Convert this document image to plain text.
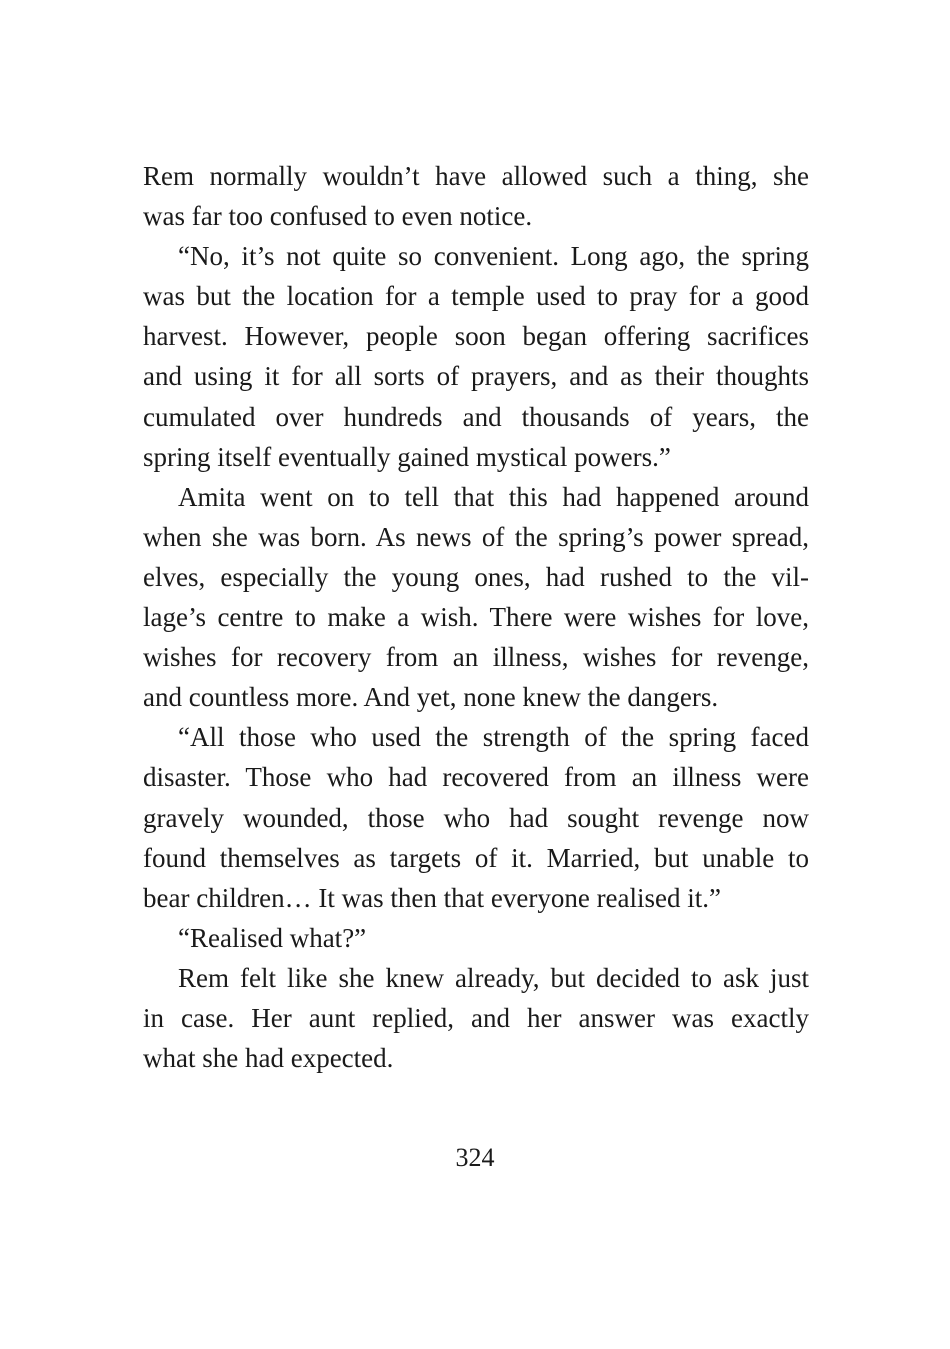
Rem normally wouldn’t have allowed such a thing, she
was far too confused to even notice.
“No, it’s not quite so convenient. Long ago, the spring
was but the location for a temple used to pray for a good
harvest. However, people soon began offering sacrifices
and using it for all sorts of prayers, and as their thoughts
cumulated over hundreds and thousands of years, the
spring itself eventually gained mystical powers.”
Amita went on to tell that this had happened around
when she was born. As news of the spring’s power spread,
elves, especially the young ones, had rushed to the vil-
lage’s centre to make a wish. There were wishes for love,
wishes for recovery from an illness, wishes for revenge,
and countless more. And yet, none knew the dangers.
“All those who used the strength of the spring faced
disaster. Those who had recovered from an illness were
gravely wounded, those who had sought revenge now
found themselves as targets of it. Married, but unable to
bear children… It was then that everyone realised it.”
“Realised what?”
Rem felt like she knew already, but decided to ask just
in case. Her aunt replied, and her answer was exactly
what she had expected.
324
